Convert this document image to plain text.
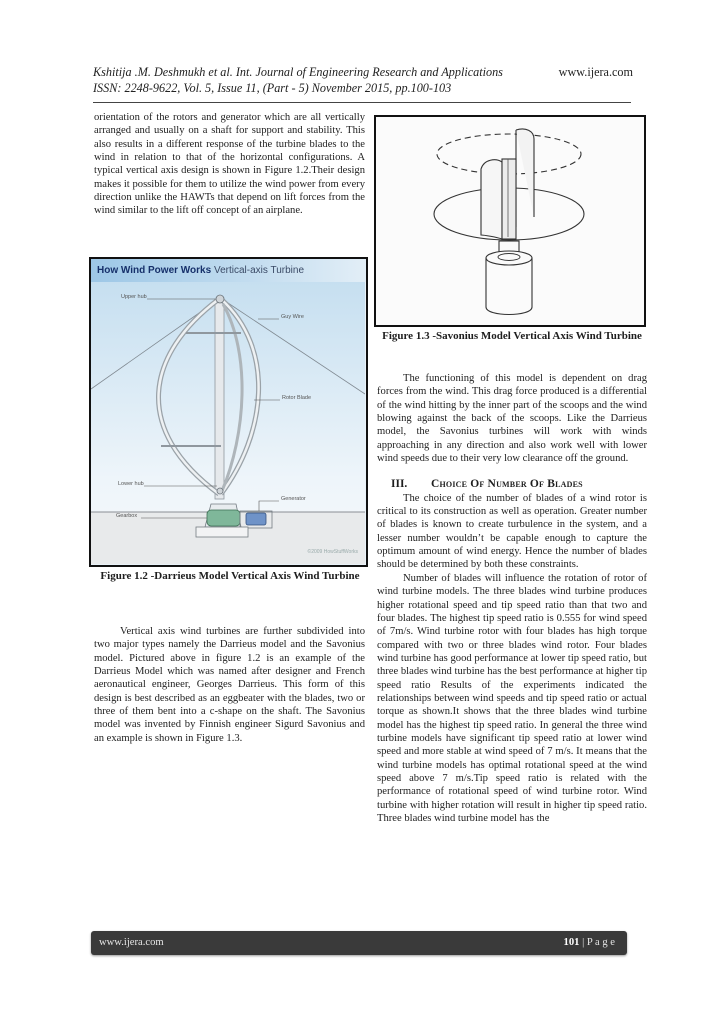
Kshitija .M. Deshmukh et al. Int. Journal of Engineering Research and Applications	www.ijera.com
ISSN: 2248-9622, Vol. 5, Issue 11, (Part - 5) November 2015, pp.100-103

orientation of the rotors and generator which are all vertically arranged and usually on a shaft for support and stability. This also results in a different response of the turbine blades to the wind in relation to that of the horizontal configurations. A typical vertical axis design is shown in Figure 1.2.Their design makes it possible for them to utilize the wind power from every direction unlike the HAWTs that depend on lift forces from the wind similar to the lift off concept of an airplane.

How Wind Power Works Vertical-axis Turbine
Upper hub
Guy Wire
Rotor Blade
Lower hub
Generator
Gearbox
©2009 HowStuffWorks
Figure 1.2 -Darrieus Model Vertical Axis Wind Turbine

Vertical axis wind turbines are further subdivided into two major types namely the Darrieus model and the Savonius model. Pictured above in figure 1.2 is an example of the Darrieus Model which was named after designer and French aeronautical engineer, Georges Darrieus. This form of this design is best described as an eggbeater with the blades, two or three of them bent into a c-shape on the shaft. The Savonius model was invented by Finnish engineer Sigurd Savonius and an example is shown in Figure 1.3.

Figure 1.3 -Savonius Model Vertical Axis Wind Turbine

The functioning of this model is dependent on drag forces from the wind. This drag force produced is a differential of the wind hitting by the inner part of the scoops and the wind blowing against the back of the scoops. Like the Darrieus model, the Savonius turbines will work with winds approaching in any direction and also work well with lower wind speeds due to their very low clearance off the ground.

III. Choice Of Number Of Blades

The choice of the number of blades of a wind rotor is critical to its construction as well as operation. Greater number of blades is known to create turbulence in the system, and a lesser number wouldn’t be capable enough to capture the optimum amount of wind energy. Hence the number of blades should be determined by both these constraints.

Number of blades will influence the rotation of rotor of wind turbine models. The three blades wind turbine produces higher rotational speed and tip speed ratio than that two and four blades. The highest tip speed ratio is 0.555 for wind speed of 7m/s. Wind turbine rotor with four blades has high torque compared with two or three blades wind rotor. Four blades wind turbine has good performance at lower tip speed ratio, but three blades wind turbine has the best performance at higher tip speed ratio Results of the experiments indicated the relationships between wind speeds and tip speed ratio or actual torque as shown.It shows that the three blades wind turbine model has the highest tip speed ratio. In general the three wind turbine models have significant tip speed ratio at lower wind speed and more stable at wind speed of 7 m/s. It means that the wind turbine models has optimal rotational speed at the wind speed above 7 m/s.Tip speed ratio is related with the performance of rotational speed of wind turbine rotor. Wind turbine with higher rotation will result in higher tip speed ratio. Three blades wind turbine model has the

www.ijera.com	101 | P a g e
